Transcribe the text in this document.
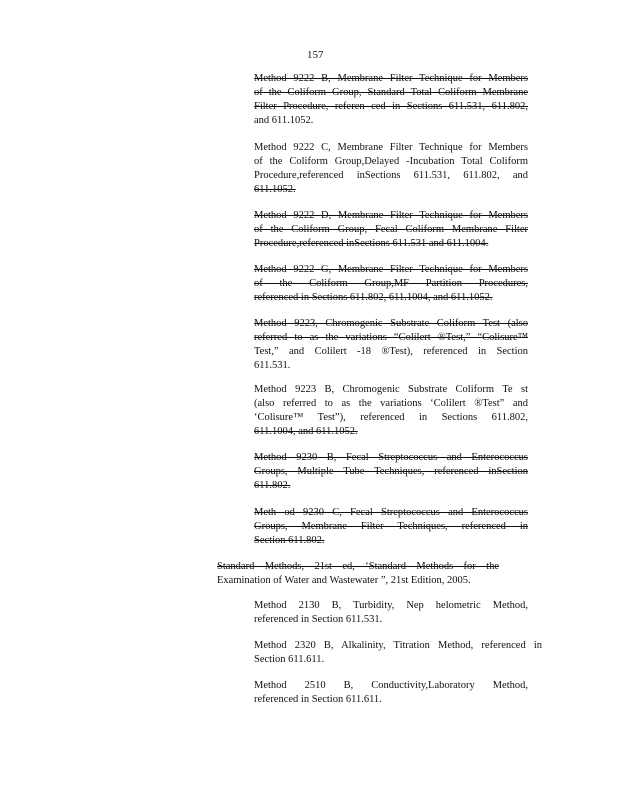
157
Method 9222 B, Membrane Filter Technique for Members
of the Coliform Group, Standard Total Coliform Membrane
Filter Procedure, referen ced in Sections 611.531, 611.802,
and 611.1052.
Method 9222 C, Membrane Filter Technique for Members
of the Coliform Group,Delayed -Incubation Total Coliform
Procedure,referenced inSections 611.531, 611.802, and
611.1052.
Method 9222 D, Membrane Filter Technique for Members
of the Coliform Group, Fecal Coliform Membrane Filter
Procedure,referenced inSections 611.531 and 611.1004.
Method 9222 G, Membrane Filter Technique for Members
of the Coliform Group,MF Partition Procedures,
referenced in Sections 611.802, 611.1004, and 611.1052.
Method 9223, Chromogenic Substrate Coliform Test (also
referred to as the variations “Colilert ®Test,” “Colisure™
Test,” and Colilert -18 ®Test), referenced in Section
611.531.
Method 9223 B, Chromogenic Substrate Coliform Te st
(also referred to as the variations ‘Colilert ®Test” and
‘Colisure™ Test”), referenced in Sections 611.802,
611.1004, and 611.1052.
Method 9230 B, Fecal Streptococcus and Enterococcus
Groups, Multiple Tube Techniques, referenced inSection
611.802.
Meth od 9230 C, Fecal Streptococcus and Enterococcus
Groups, Membrane Filter Techniques, referenced in
Section 611.802.
Standard Methods, 21st ed, ‘Standard Methods for the
Examination of Water and Wastewater ”, 21st Edition, 2005.
Method 2130 B, Turbidity, Nep helometric Method,
referenced in Section 611.531.
Method 2320 B, Alkalinity, Titration Method, referenced in
Section 611.611.
Method 2510 B, Conductivity,Laboratory Method,
referenced in Section 611.611.
